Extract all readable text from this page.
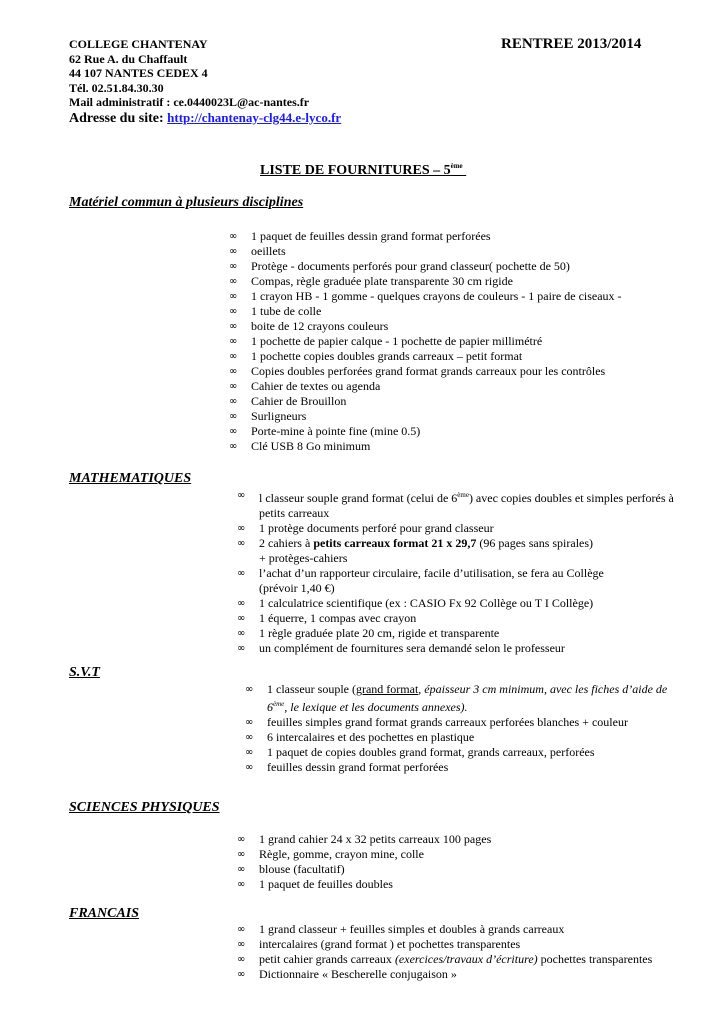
COLLEGE CHANTENAY
62 Rue A. du Chaffault
44 107 NANTES CEDEX 4
Tél. 02.51.84.30.30
Mail administratif : ce.0440023L@ac-nantes.fr
RENTREE 2013/2014
Adresse du site: http://chantenay-clg44.e-lyco.fr
LISTE DE FOURNITURES – 5ème
Matériel commun à plusieurs disciplines
∞ 1 paquet de feuilles dessin grand format perforées
∞ oeillets
∞ Protège - documents perforés pour grand classeur( pochette de 50)
∞ Compas, règle graduée plate transparente 30 cm rigide
∞ 1 crayon HB - 1 gomme - quelques crayons de couleurs - 1 paire de ciseaux -
∞ 1 tube de colle
∞ boite de 12 crayons couleurs
∞ 1 pochette de papier calque - 1 pochette de papier millimétré
∞ 1 pochette copies doubles grands carreaux – petit format
∞ Copies doubles perforées grand format grands carreaux pour les contrôles
∞ Cahier de textes ou agenda
∞ Cahier de Brouillon
∞ Surligneurs
∞ Porte-mine à pointe fine (mine 0.5)
∞ Clé USB 8 Go minimum
MATHEMATIQUES
∞ l classeur souple grand format (celui de 6ème) avec copies doubles et simples perforés à petits carreaux
∞ 1 protège documents perforé pour grand classeur
∞ 2 cahiers à petits carreaux format 21 x 29,7 (96 pages sans spirales)
+ protèges-cahiers
∞ l’achat d’un rapporteur circulaire, facile d’utilisation, se fera au Collège
(prévoir 1,40 €)
∞ 1 calculatrice scientifique (ex : CASIO Fx 92 Collège ou T I Collège)
∞ 1 équerre, 1 compas avec crayon
∞ 1 règle graduée plate 20 cm, rigide et transparente
∞ un complément de fournitures sera demandé selon le professeur
S.V.T
∞ 1 classeur souple (grand format, épaisseur 3 cm minimum, avec les fiches d’aide de 6ème, le lexique et les documents annexes).
∞ feuilles simples grand format grands carreaux perforées blanches + couleur
∞ 6 intercalaires et des pochettes en plastique
∞ 1 paquet de copies doubles grand format, grands carreaux, perforées
∞ feuilles dessin grand format perforées
SCIENCES PHYSIQUES
∞ 1 grand cahier 24 x 32 petits carreaux 100 pages
∞ Règle, gomme, crayon mine, colle
∞ blouse (facultatif)
∞ 1 paquet de feuilles doubles
FRANCAIS
∞ 1 grand classeur + feuilles simples et doubles à grands carreaux
∞ intercalaires (grand format ) et pochettes transparentes
∞ petit cahier grands carreaux (exercices/travaux d’écriture) pochettes transparentes
∞ Dictionnaire « Bescherelle conjugaison »
